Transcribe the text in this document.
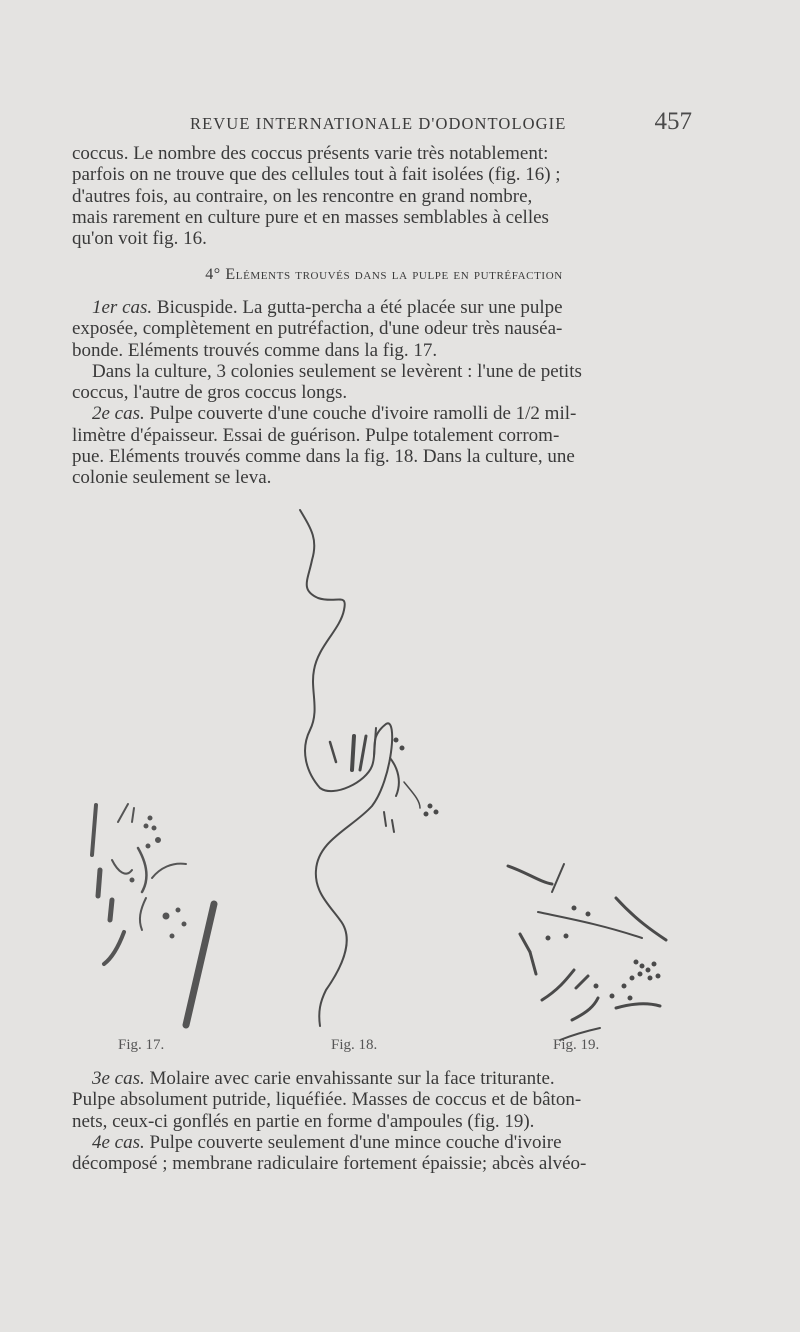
REVUE INTERNATIONALE D'ODONTOLOGIE	457
coccus. Le nombre des coccus présents varie très notablement:
parfois on ne trouve que des cellules tout à fait isolées (fig. 16) ;
d'autres fois, au contraire, on les rencontre en grand nombre,
mais rarement en culture pure et en masses semblables à celles
qu'on voit fig. 16.
4° Eléments trouvés dans la pulpe en putréfaction
1er cas. Bicuspide. La gutta-percha a été placée sur une pulpe
exposée, complètement en putréfaction, d'une odeur très nauséa-
bonde. Eléments trouvés comme dans la fig. 17.
Dans la culture, 3 colonies seulement se levèrent : l'une de petits
coccus, l'autre de gros coccus longs.
2e cas. Pulpe couverte d'une couche d'ivoire ramolli de 1/2 mil-
limètre d'épaisseur. Essai de guérison. Pulpe totalement corrom-
pue. Eléments trouvés comme dans la fig. 18. Dans la culture, une
colonie seulement se leva.
Fig. 17.	Fig. 18.	Fig. 19.
3e cas. Molaire avec carie envahissante sur la face triturante.
Pulpe absolument putride, liquéfiée. Masses de coccus et de bâton-
nets, ceux-ci gonflés en partie en forme d'ampoules (fig. 19).
4e cas. Pulpe couverte seulement d'une mince couche d'ivoire
décomposé ; membrane radiculaire fortement épaissie; abcès alvéo-
